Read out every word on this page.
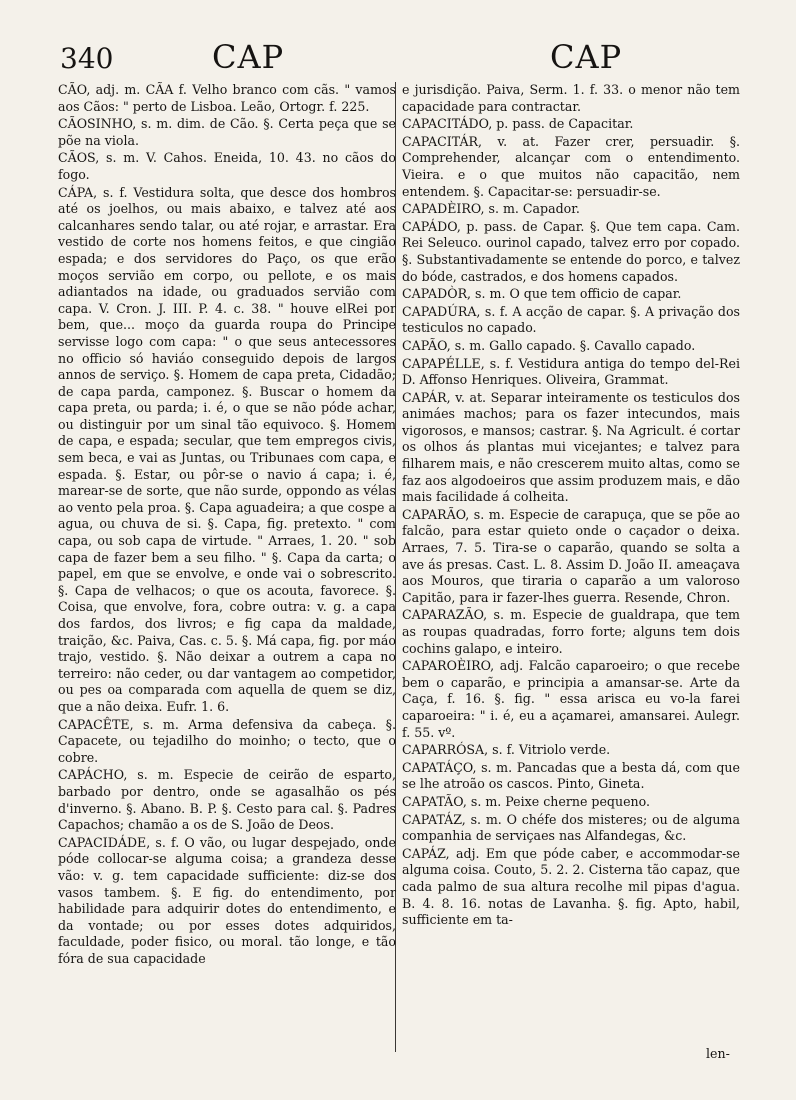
340	CAP	CAP

CÃO, adj. m. CÃA f. Velho branco com cãs. " vamos aos Cãos: " perto de Lisboa. Leão, Ortogr. f. 225.

CÃOSINHO, s. m. dim. de Cão. §. Certa peça que se põe na viola.

CÃOS, s. m. V. Cahos. Eneida, 10. 43. no cãos do fogo.

CÁPA, s. f. Vestidura solta, que desce dos hombros até os joelhos, ou mais abaixo, e talvez até aos calcanhares sendo talar, ou até rojar, e arrastar. Era vestido de corte nos homens feitos, e que cingião espada; e dos servidores do Paço, os que erão moços servião em corpo, ou pellote, e os mais adiantados na idade, ou graduados servião com capa. V. Cron. J. III. P. 4. c. 38. " houve elRei por bem, que... moço da guarda roupa do Principe servisse logo com capa: " o que seus antecessores no officio só haviáo conseguido depois de largos annos de serviço. §. Homem de capa preta, Cidadão; de capa parda, camponez. §. Buscar o homem da capa preta, ou parda; i. é, o que se não póde achar, ou distinguir por um sinal tão equivoco. §. Homem de capa, e espada; secular, que tem empregos civis, sem beca, e vai as Juntas, ou Tribunaes com capa, e espada. §. Estar, ou pôr-se o navio á capa; i. é, marear-se de sorte, que não surde, oppondo as vélas ao vento pela proa. §. Capa aguadeira; a que cospe a agua, ou chuva de si. §. Capa, fig. pretexto. " com capa, ou sob capa de virtude. " Arraes, 1. 20. " sob capa de fazer bem a seu filho. " §. Capa da carta; o papel, em que se envolve, e onde vai o sobrescrito. §. Capa de velhacos; o que os acouta, favorece. §. Coisa, que envolve, fora, cobre outra: v. g. a capa dos fardos, dos livros; e fig capa da maldade, traição, &c. Paiva, Cas. c. 5. §. Má capa, fig. por máo trajo, vestido. §. Não deixar a outrem a capa no terreiro: não ceder, ou dar vantagem ao competidor, ou pes oa comparada com aquella de quem se diz, que a não deixa. Eufr. 1. 6.

CAPACÊTE, s. m. Arma defensiva da cabeça. §. Capacete, ou tejadilho do moinho; o tecto, que o cobre.

CAPÁCHO, s. m. Especie de ceirão de esparto, barbado por dentro, onde se agasalhão os pés d'inverno. §. Abano. B. P. §. Cesto para cal. §. Padres Capachos; chamão a os de S. João de Deos.

CAPACIDÁDE, s. f. O vão, ou lugar despejado, onde póde collocar-se alguma coisa; a grandeza desse vão: v. g. tem capacidade sufficiente: diz-se dos vasos tambem. §. E fig. do entendimento, por habilidade para adquirir dotes do entendimento, e da vontade; ou por esses dotes adquiridos, faculdade, poder fisico, ou moral. tão longe, e tão fóra de sua capacidade

e jurisdição. Paiva, Serm. 1. f. 33. o menor não tem capacidade para contractar.

CAPACITÁDO, p. pass. de Capacitar.

CAPACITÁR, v. at. Fazer crer, persuadir. §. Comprehender, alcançar com o entendimento. Vieira. e o que muitos não capacitão, nem entendem. §. Capacitar-se: persuadir-se.

CAPADÈIRO, s. m. Capador.

CAPÁDO, p. pass. de Capar. §. Que tem capa. Cam. Rei Seleuco. ourinol capado, talvez erro por copado. §. Substantivadamente se entende do porco, e talvez do bóde, castrados, e dos homens capados.

CAPADÒR, s. m. O que tem officio de capar.

CAPADÚRA, s. f. A acção de capar. §. A privação dos testiculos no capado.

CAPÃO, s. m. Gallo capado. §. Cavallo capado.

CAPAPÉLLE, s. f. Vestidura antiga do tempo del-Rei D. Affonso Henriques. Oliveira, Grammat.

CAPÁR, v. at. Separar inteiramente os testiculos dos animáes machos; para os fazer intecundos, mais vigorosos, e mansos; castrar. §. Na Agricult. é cortar os olhos ás plantas mui vicejantes; e talvez para filharem mais, e não crescerem muito altas, como se faz aos algodoeiros que assim produzem mais, e dão mais facilidade á colheita.

CAPARÃO, s. m. Especie de carapuça, que se põe ao falcão, para estar quieto onde o caçador o deixa. Arraes, 7. 5. Tira-se o caparão, quando se solta a ave ás presas. Cast. L. 8. Assim D. João II. ameaçava aos Mouros, que tiraria o caparão a um valoroso Capitão, para ir fazer-lhes guerra. Resende, Chron.

CAPARAZÃO, s. m. Especie de gualdrapa, que tem as roupas quadradas, forro forte; alguns tem dois cochins galapo, e inteiro.

CAPAROÈIRO, adj. Falcão caparoeiro; o que recebe bem o caparão, e principia a amansar-se. Arte da Caça, f. 16. §. fig. " essa arisca eu vo-la farei caparoeira: " i. é, eu a açamarei, amansarei. Aulegr. f. 55. vº.

CAPARRÓSA, s. f. Vitriolo verde.

CAPATÁÇO, s. m. Pancadas que a besta dá, com que se lhe atroão os cascos. Pinto, Gineta.

CAPATÃO, s. m. Peixe cherne pequeno.

CAPATÁZ, s. m. O chéfe dos misteres; ou de alguma companhia de serviçaes nas Alfandegas, &c.

CAPÁZ, adj. Em que póde caber, e accommodar-se alguma coisa. Couto, 5. 2. 2. Cisterna tão capaz, que cada palmo de sua altura recolhe mil pipas d'agua. B. 4. 8. 16. notas de Lavanha. §. fig. Apto, habil, sufficiente em ta-

len-
